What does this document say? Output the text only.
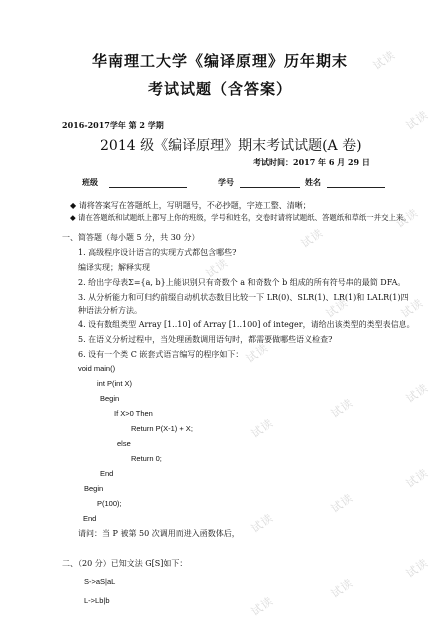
试读
试读
试读
试读
试读
试读
试读
试读
试读
试读
试读
试读
试读
试读
试读
试读
试读
华南理工大学《编译原理》历年期末
考试试题（含答案）
2016-2017学年 第 2 学期
2014 级《编译原理》期末考试试题(A 卷)
考试时间：2017 年 6 月 29 日
班级	学号	姓名
◆ 请将答案写在答题纸上，写明题号，不必抄题，字迹工整、清晰；
◆ 请在答题纸和试题纸上都写上你的班级，学号和姓名，交卷时请将试题纸、答题纸和草纸一并交上来。
一、简答题（每小题 5 分，共 30 分）
1. 高级程序设计语言的实现方式都包含哪些?
编译实现；解释实现
2. 给出字母表Σ={a, b}上能识别只有奇数个 a 和奇数个 b 组成的所有符号串的最简 DFA。
3. 从分析能力和可归约前缀自动机状态数目比较一下 LR(0)、SLR(1)、LR(1)和 LALR(1)四
种语法分析方法。
4. 设有数组类型 Array [1..10] of Array [1..100] of integer，请给出该类型的类型表信息。
5. 在语义分析过程中，当处理函数调用语句时，都需要做哪些语义检查?
6. 设有一个类 C 嵌套式语言编写的程序如下：
void main()
int P(int X)
Begin
If X>0 Then
Return P(X-1) + X;
else
Return 0;
End
Begin
P(100);
End
请问：当 P 被第 50 次调用而进入函数体后，
二、（20 分）已知文法 G[S]如下：
S->aS|aL
L->Lb|b
